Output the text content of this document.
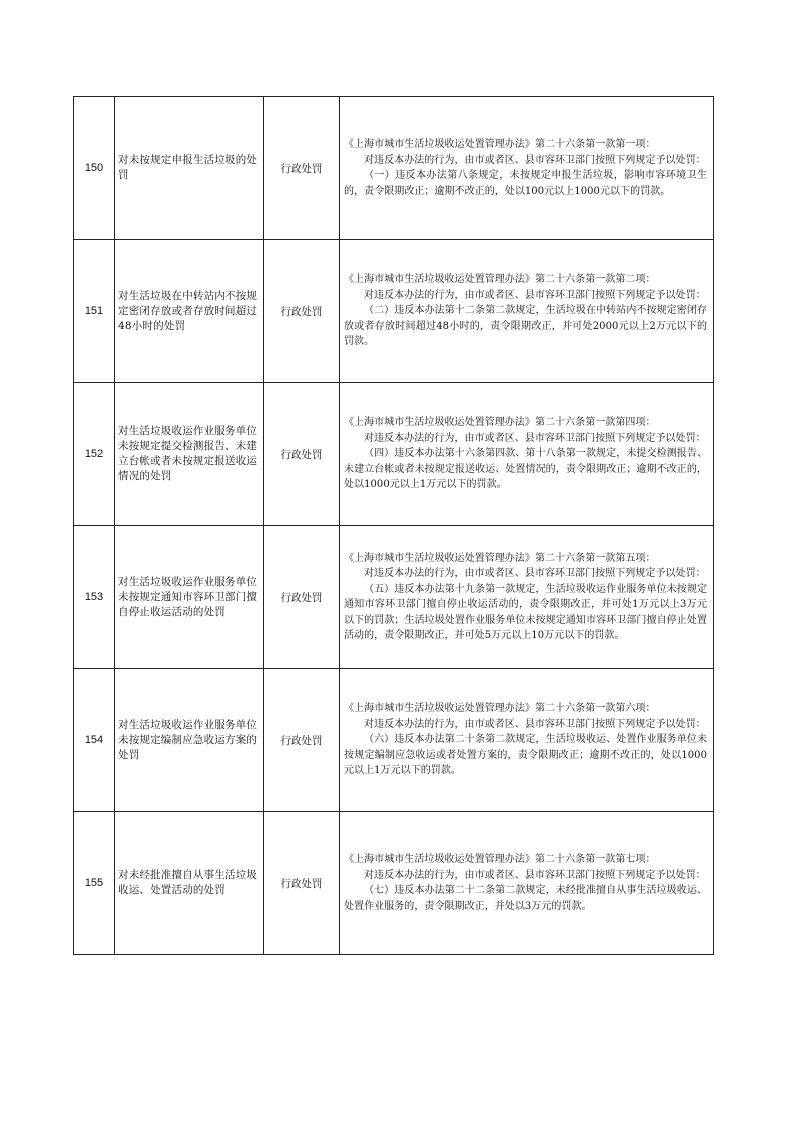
150	对未按规定申报生活垃圾的处罚	行政处罚	《上海市城市生活垃圾收运处置管理办法》第二十六条第一款第一项：
对违反本办法的行为，由市或者区、县市容环卫部门按照下列规定予以处罚：
（一）违反本办法第八条规定，未按规定申报生活垃圾，影响市容环境卫生的，责令限期改正；逾期不改正的，处以100元以上1000元以下的罚款。

151	对生活垃圾在中转站内不按规定密闭存放或者存放时间超过48小时的处罚	行政处罚	《上海市城市生活垃圾收运处置管理办法》第二十六条第一款第二项：
对违反本办法的行为，由市或者区、县市容环卫部门按照下列规定予以处罚：
（二）违反本办法第十二条第二款规定，生活垃圾在中转站内不按规定密闭存放或者存放时间超过48小时的，责令限期改正，并可处2000元以上2万元以下的罚款。

152	对生活垃圾收运作业服务单位未按规定提交检测报告、未建立台帐或者未按规定报送收运情况的处罚	行政处罚	《上海市城市生活垃圾收运处置管理办法》第二十六条第一款第四项：
对违反本办法的行为，由市或者区、县市容环卫部门按照下列规定予以处罚：
（四）违反本办法第十六条第四款、第十八条第一款规定，未提交检测报告、未建立台帐或者未按规定报送收运、处置情况的，责令限期改正；逾期不改正的，处以1000元以上1万元以下的罚款。

153	对生活垃圾收运作业服务单位未按规定通知市容环卫部门擅自停止收运活动的处罚	行政处罚	《上海市城市生活垃圾收运处置管理办法》第二十六条第一款第五项：
对违反本办法的行为，由市或者区、县市容环卫部门按照下列规定予以处罚：
（五）违反本办法第十九条第一款规定，生活垃圾收运作业服务单位未按规定通知市容环卫部门擅自停止收运活动的，责令限期改正，并可处1万元以上3万元以下的罚款；生活垃圾处置作业服务单位未按规定通知市容环卫部门擅自停止处置活动的，责令限期改正，并可处5万元以上10万元以下的罚款。

154	对生活垃圾收运作业服务单位未按规定编制应急收运方案的处罚	行政处罚	《上海市城市生活垃圾收运处置管理办法》第二十六条第一款第六项：
对违反本办法的行为，由市或者区、县市容环卫部门按照下列规定予以处罚：
（六）违反本办法第二十条第二款规定，生活垃圾收运、处置作业服务单位未按规定编制应急收运或者处置方案的，责令限期改正；逾期不改正的，处以1000元以上1万元以下的罚款。

155	对未经批准擅自从事生活垃圾收运、处置活动的处罚	行政处罚	《上海市城市生活垃圾收运处置管理办法》第二十六条第一款第七项：
对违反本办法的行为，由市或者区、县市容环卫部门按照下列规定予以处罚：
（七）违反本办法第二十二条第二款规定，未经批准擅自从事生活垃圾收运、处置作业服务的，责令限期改正，并处以3万元的罚款。
